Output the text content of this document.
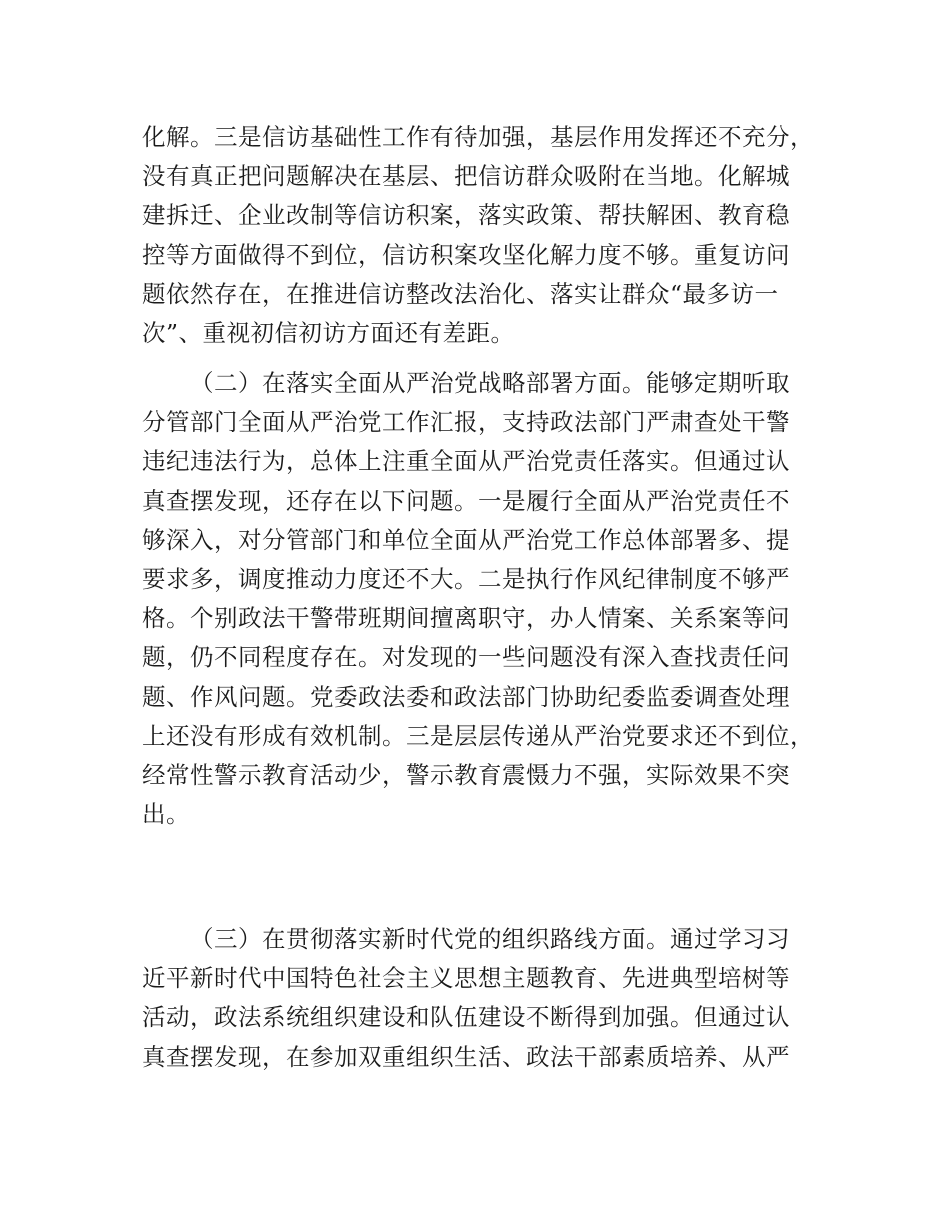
化解。三是信访基础性工作有待加强，基层作用发挥还不充分，
没有真正把问题解决在基层、把信访群众吸附在当地。化解城
建拆迁、企业改制等信访积案，落实政策、帮扶解困、教育稳
控等方面做得不到位，信访积案攻坚化解力度不够。重复访问
题依然存在，在推进信访整改法治化、落实让群众“最多访一
次”、重视初信初访方面还有差距。

（二）在落实全面从严治党战略部署方面。能够定期听取
分管部门全面从严治党工作汇报，支持政法部门严肃查处干警
违纪违法行为，总体上注重全面从严治党责任落实。但通过认
真查摆发现，还存在以下问题。一是履行全面从严治党责任不
够深入，对分管部门和单位全面从严治党工作总体部署多、提
要求多，调度推动力度还不大。二是执行作风纪律制度不够严
格。个别政法干警带班期间擅离职守，办人情案、关系案等问
题，仍不同程度存在。对发现的一些问题没有深入查找责任问
题、作风问题。党委政法委和政法部门协助纪委监委调查处理
上还没有形成有效机制。三是层层传递从严治党要求还不到位，
经常性警示教育活动少，警示教育震慑力不强，实际效果不突
出。

（三）在贯彻落实新时代党的组织路线方面。通过学习习
近平新时代中国特色社会主义思想主题教育、先进典型培树等
活动，政法系统组织建设和队伍建设不断得到加强。但通过认
真查摆发现，在参加双重组织生活、政法干部素质培养、从严
